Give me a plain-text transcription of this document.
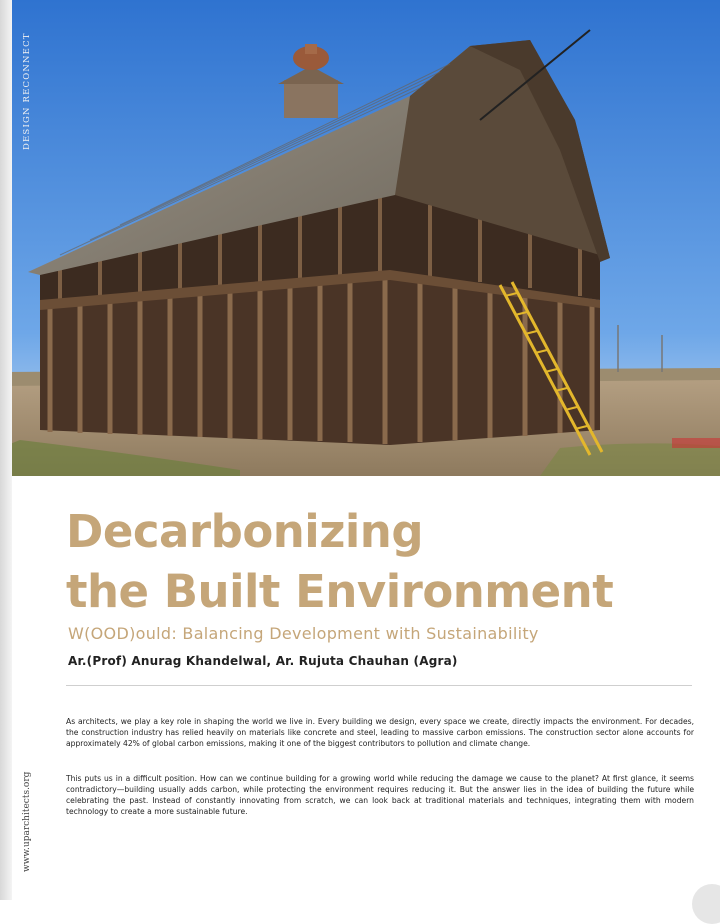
DESIGN RECONNECT
Decarbonizing
the Built Environment
W(OOD)ould: Balancing Development with Sustainability
Ar.(Prof) Anurag Khandelwal, Ar. Rujuta Chauhan (Agra)

As architects, we play a key role in shaping the world we live in. Every building we design, every space we create, directly impacts the environment. For decades, the construction industry has relied heavily on materials like concrete and steel, leading to massive carbon emissions. The construction sector alone accounts for approximately 42% of global carbon emissions, making it one of the biggest contributors to pollution and climate change.

This puts us in a difficult position. How can we continue building for a growing world while reducing the damage we cause to the planet? At first glance, it seems contradictory—building usually adds carbon, while protecting the environment requires reducing it. But the answer lies in the idea of building the future while celebrating the past. Instead of constantly innovating from scratch, we can look back at traditional materials and techniques, integrating them with modern technology to create a more sustainable future.

www.uparchitects.org
